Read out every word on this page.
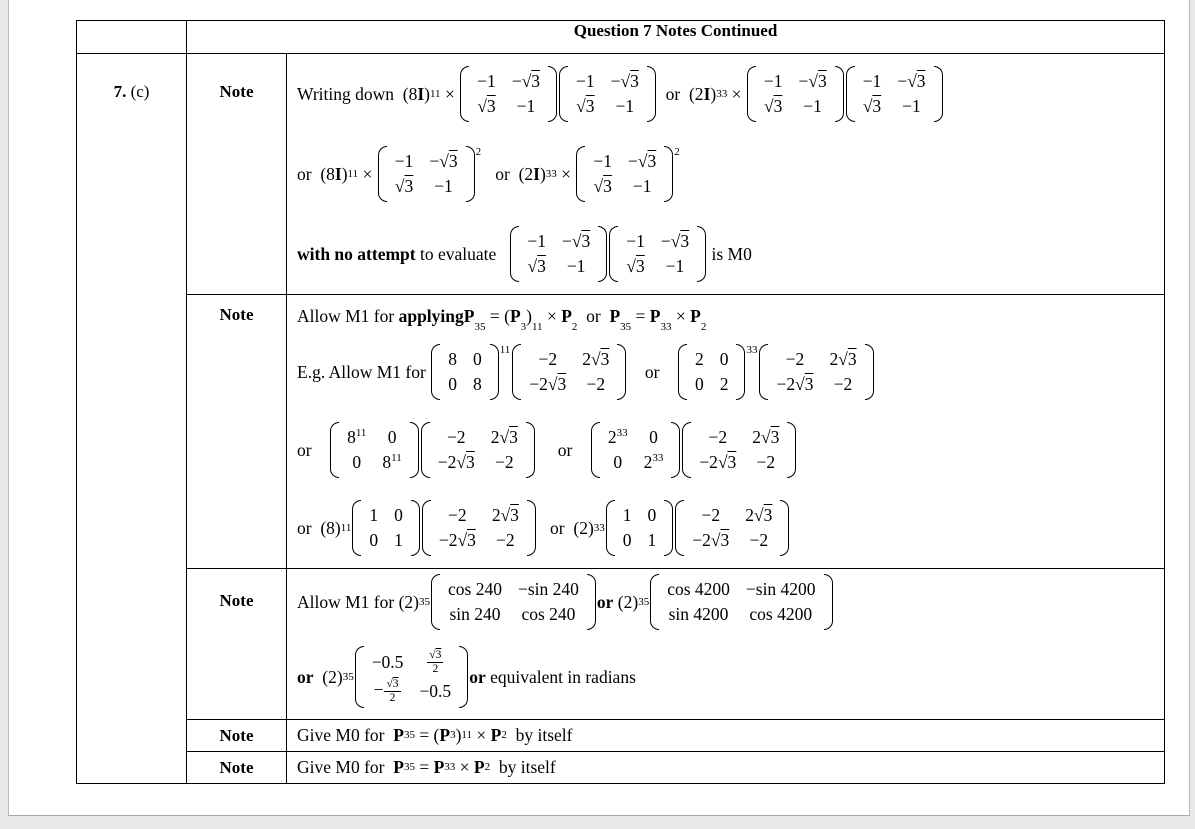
	Question 7 Notes Continued	
7. (c)	Note	Writing down  (8 I ) 11 ×
−1 −√3
√3 −1
−1 −√3
√3 −1
or  (2 I ) 33 ×
−1 −√3
√3 −1
−1 −√3
√3 −1
or  (8 I ) 11 ×
−1 −√3
√3 −1
$^2$
or  (2 I ) 33 ×
−1 −√3
√3 −1
$^2$
with no attempt to evaluate
−1 −√3
√3 −1
−1 −√3
√3 −1
is M0

Note	Allow M1 for applying P
35
= ( P
3
)
11
× P
2
or P
35
= P
33
× P
2
E.g. Allow M1 for
8 0
0 8
$^{11}$ −2 2√3
−2√3 −2
or
2 0
0 2
$^{33}$ −2 2√3
−2√3 −2
or
$8^{11}$ 0
0 $8^{11}$
−2 2√3
−2√3 −2
or
$2^{33}$ 0
0 $2^{33}$
−2 2√3
−2√3 −2
or  (8) 11
1 0
0 1
−2 2√3
−2√3 −2
or  (2) 33
1 0
0 1
−2 2√3
−2√3 −2

Note	Allow M1 for (2) 35
cos 240 −sin 240
sin 240 cos 240
or (2) 35
cos 4200 −sin 4200
sin 4200 cos 4200
or (2) 35
$-0.5 \frac{√3}{2}$
− $\frac{√3}{2} -0.5$
or equivalent in radians

Note	Give M0 for P 35 = ( P 3 ) 11 × P 2 by itself

Note	Give M0 for P 35 = P 33 × P 2 by itself
